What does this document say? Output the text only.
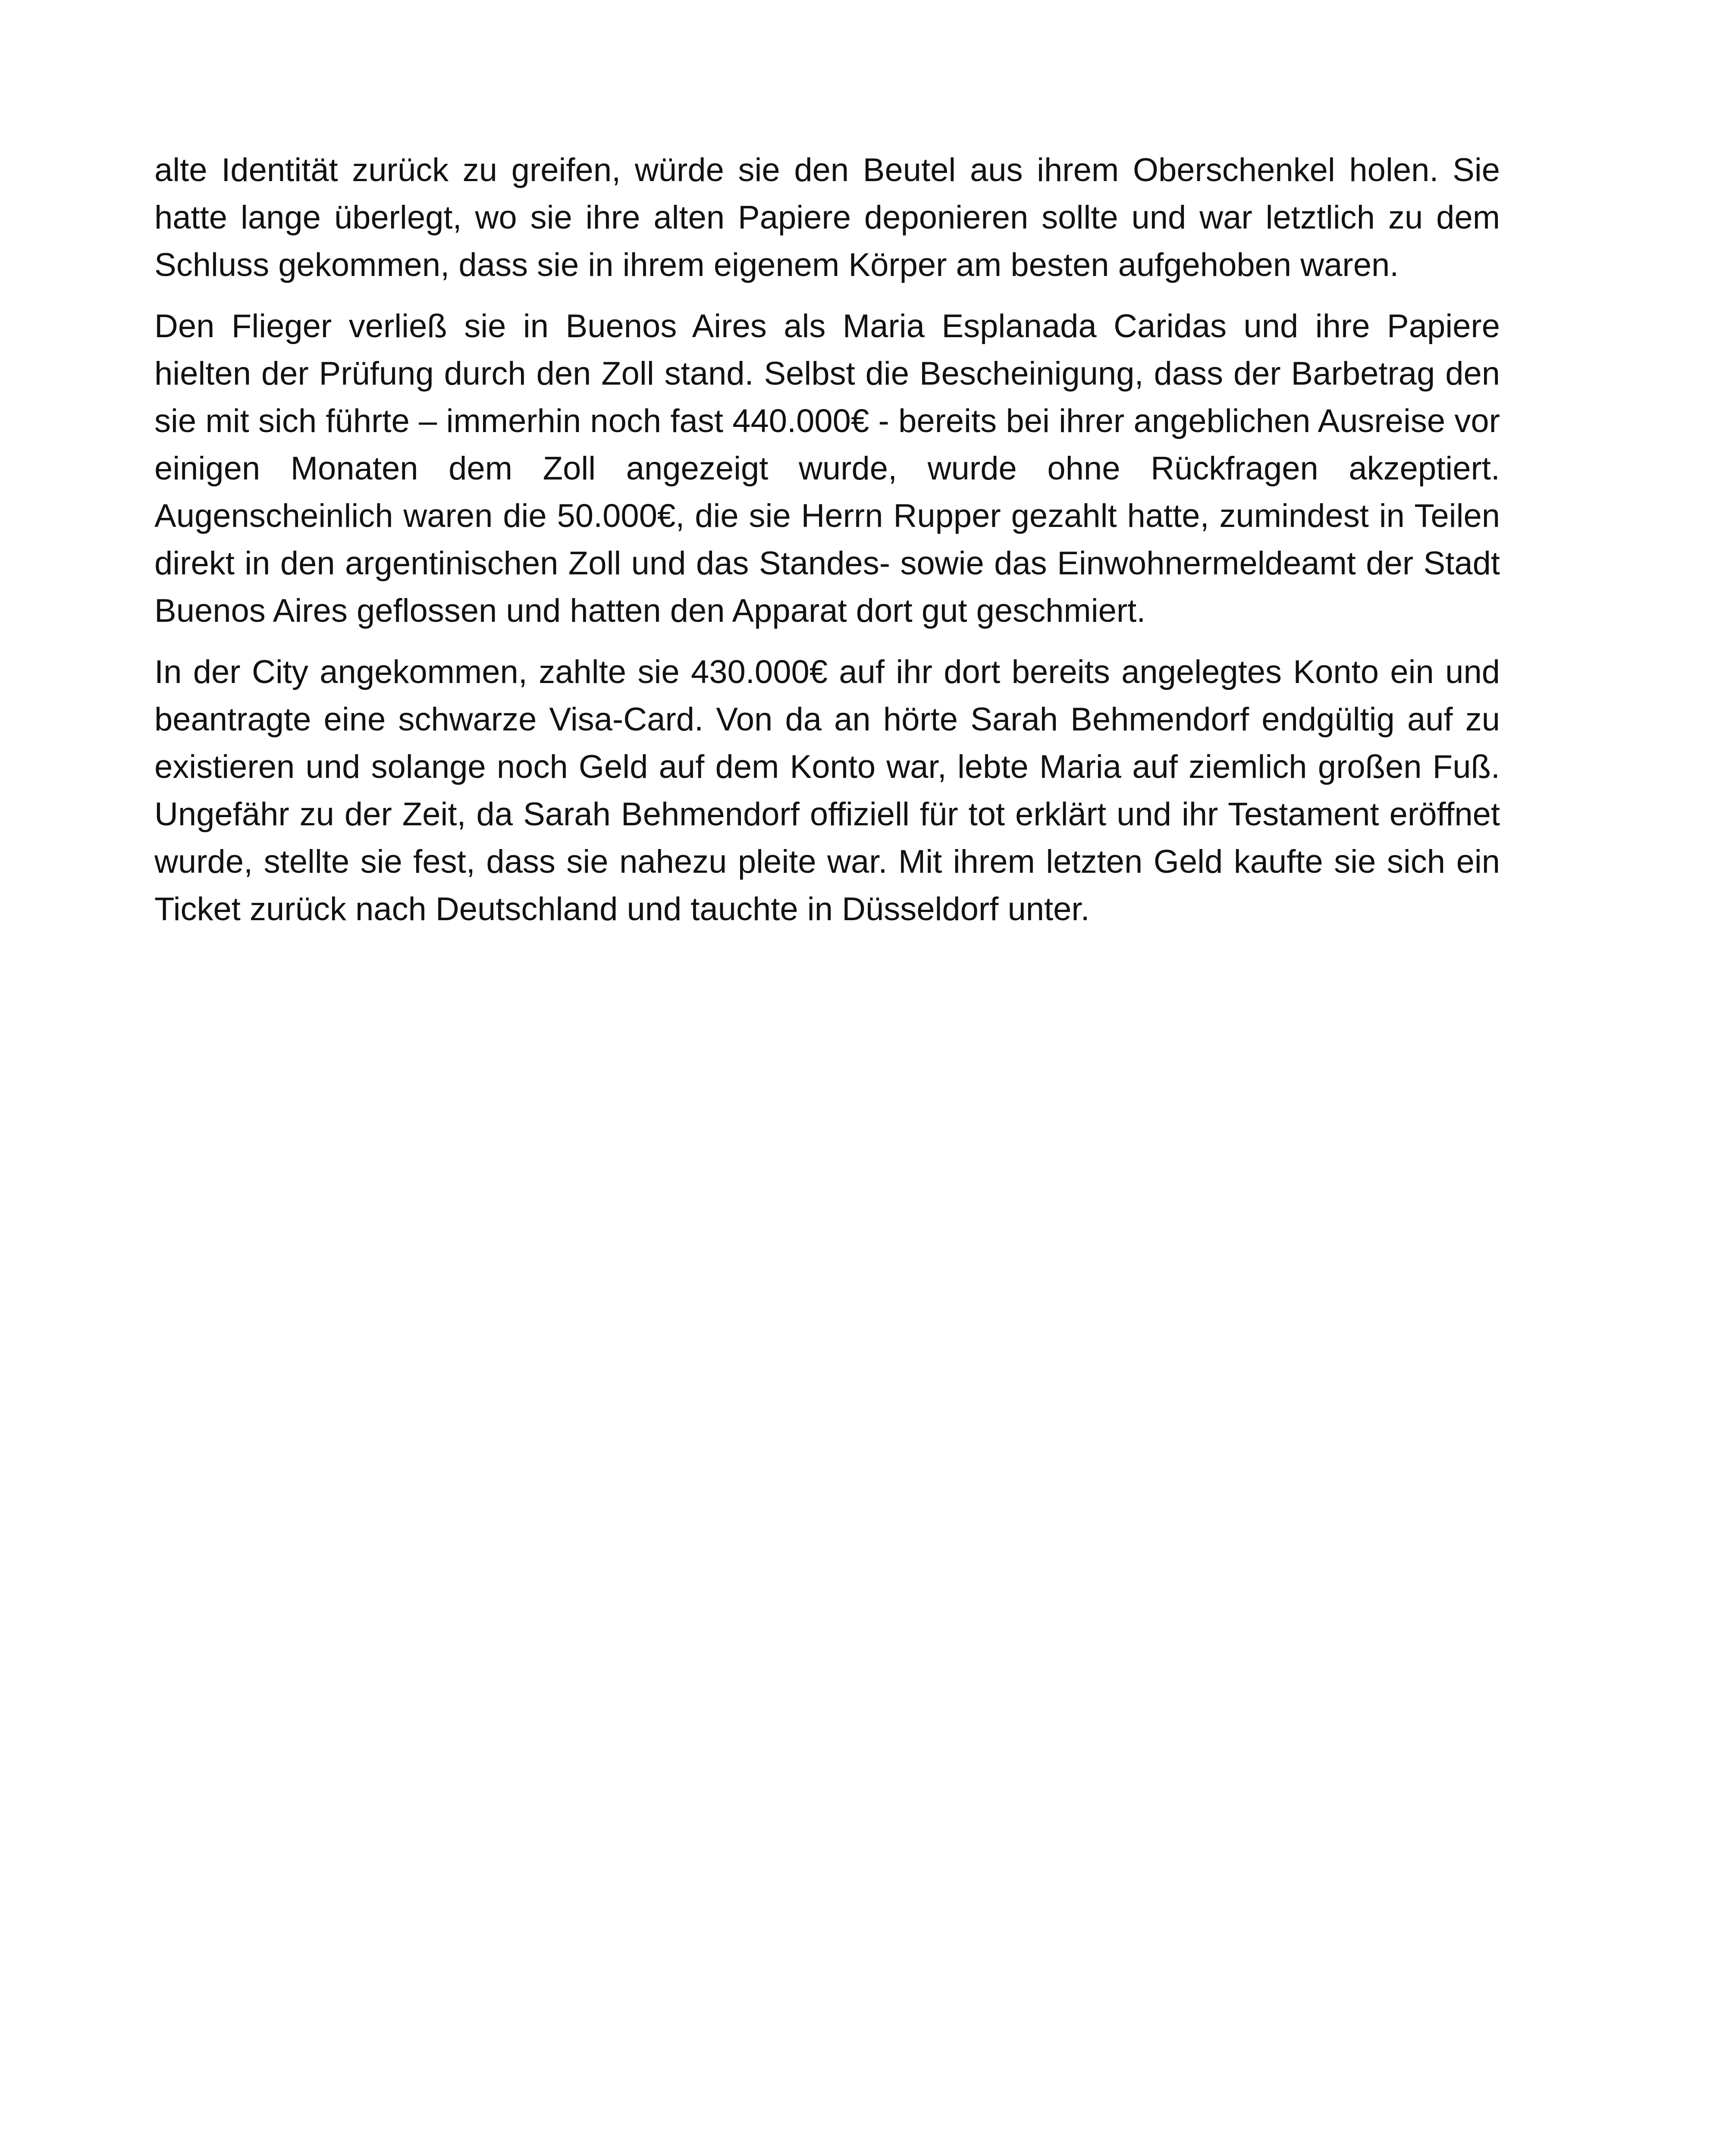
alte Identität zurück zu greifen, würde sie den Beutel aus ihrem Oberschenkel holen. Sie hatte lange überlegt, wo sie ihre alten Papiere deponieren sollte und war letztlich zu dem Schluss gekommen, dass sie in ihrem eigenem Körper am besten aufgehoben waren.

Den Flieger verließ sie in Buenos Aires als Maria Esplanada Caridas und ihre Papiere hielten der Prüfung durch den Zoll stand. Selbst die Bescheinigung, dass der Barbetrag den sie mit sich führte – immerhin noch fast 440.000€ - bereits bei ihrer angeblichen Ausreise vor einigen Monaten dem Zoll angezeigt wurde, wurde ohne Rückfragen akzeptiert. Augenscheinlich waren die 50.000€, die sie Herrn Rupper gezahlt hatte, zumindest in Teilen direkt in den argentinischen Zoll und das Standes- sowie das Einwohnermeldeamt der Stadt Buenos Aires geflossen und hatten den Apparat dort gut geschmiert.

In der City angekommen, zahlte sie 430.000€ auf ihr dort bereits angelegtes Konto ein und beantragte eine schwarze Visa-Card. Von da an hörte Sarah Behmendorf endgültig auf zu existieren und solange noch Geld auf dem Konto war, lebte Maria auf ziemlich großen Fuß. Ungefähr zu der Zeit, da Sarah Behmendorf offiziell für tot erklärt und ihr Testament eröffnet wurde, stellte sie fest, dass sie nahezu pleite war. Mit ihrem letzten Geld kaufte sie sich ein Ticket zurück nach Deutschland und tauchte in Düsseldorf unter.
